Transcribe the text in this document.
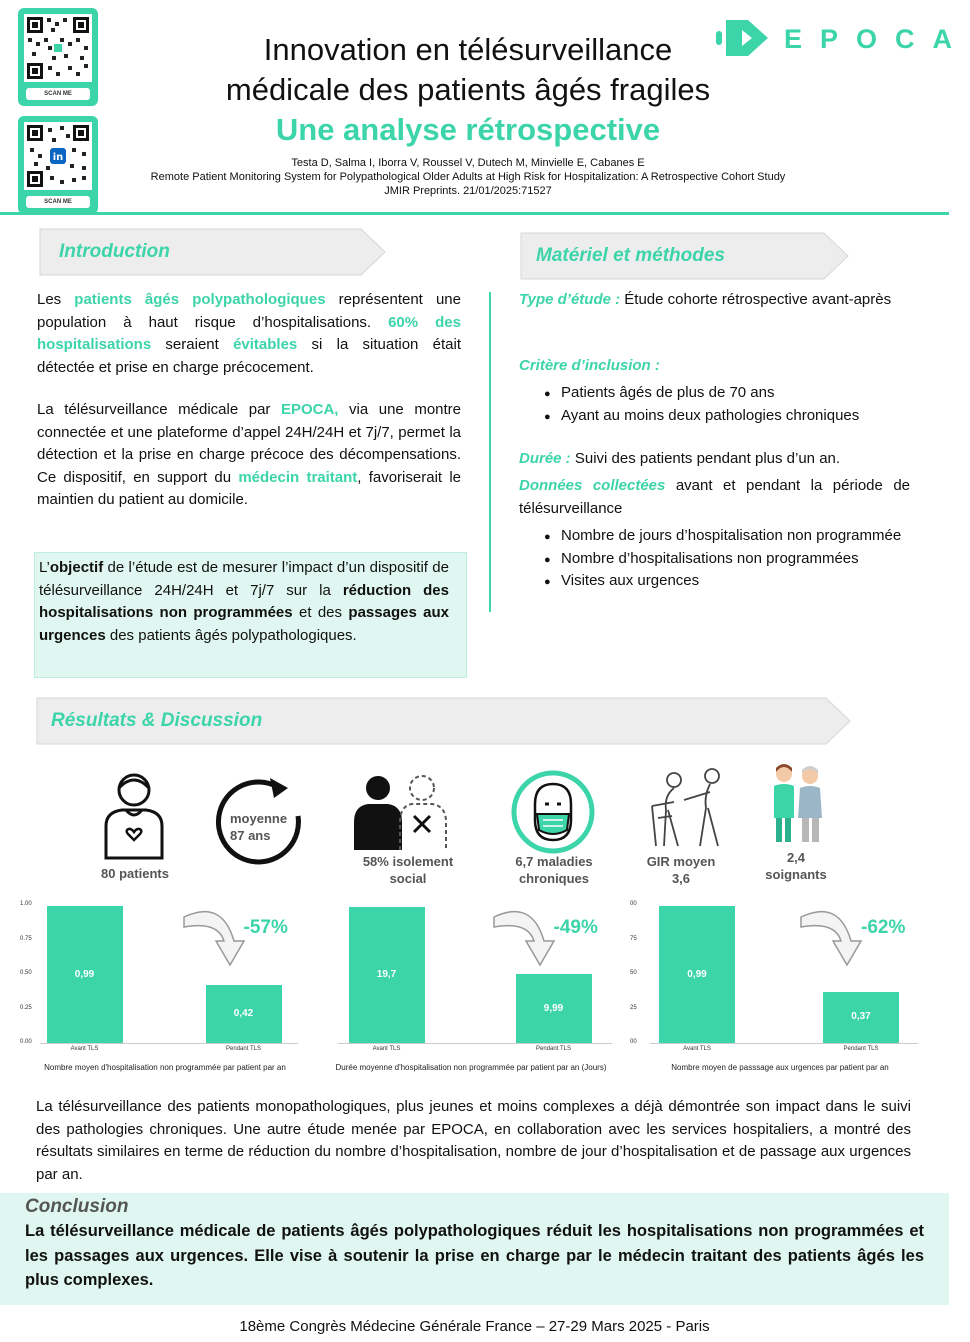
SCAN ME
in
SCAN ME
EPOCA
Innovation en télésurveillance
médicale des patients âgés fragiles
Une analyse rétrospective
Testa D, Salma I, Iborra V, Roussel V, Dutech M, Minvielle E, Cabanes E
Remote Patient Monitoring System for Polypathological Older Adults at High Risk for Hospitalization: A Retrospective Cohort Study
JMIR Preprints. 21/01/2025:71527
Introduction
Les patients âgés polypathologiques représentent une population à haut risque d’hospitalisations. 60% des hospitalisations seraient évitables si la situation était détectée et prise en charge précocement.
La télésurveillance médicale par EPOCA, via une montre connectée et une plateforme d’appel 24H/24H et 7j/7, permet la détection et la prise en charge précoce des décompensations. Ce dispositif, en support du médecin traitant, favoriserait le maintien du patient au domicile.
L’objectif de l’étude est de mesurer l’impact d’un dispositif de télésurveillance 24H/24H et 7j/7 sur la réduction des hospitalisations non programmées et des passages aux urgences des patients âgés polypathologiques.
Matériel et méthodes
Type d’étude : Étude cohorte rétrospective avant-après
Critère d’inclusion :
● Patients âgés de plus de 70 ans
● Ayant au moins deux pathologies chroniques
Durée : Suivi des patients pendant plus d’un an.
Données collectées avant et pendant la période de télésurveillance
● Nombre de jours d’hospitalisation non programmée
● Nombre d’hospitalisations non programmées
● Visites aux urgences
Résultats & Discussion
80 patients
moyenne
87 ans
58% isolement
social
6,7 maladies
chroniques
GIR moyen
3,6
2,4
soignants
1.00
0.75
0.50
0.25
0.00
0,99
Avant TLS
0,42
Pendant TLS
-57%
Nombre moyen d'hospitalisation non programmée par patient par an
19,7
Avant TLS
9,99
Pendant TLS
-49%
Durée moyenne d'hospitalisation non programmée par patient par an (Jours)
00
75
50
25
00
0,99
Avant TLS
0,37
Pendant TLS
-62%
Nombre moyen de passsage aux urgences par patient par an
La télésurveillance des patients monopathologiques, plus jeunes et moins complexes a déjà démontrée son impact dans le suivi des pathologies chroniques. Une autre étude menée par EPOCA, en collaboration avec les services hospitaliers, a montré des résultats similaires en terme de réduction du nombre d’hospitalisation, nombre de jour d’hospitalisation et de passage aux urgences par an.
Conclusion
La télésurveillance médicale de patients âgés polypathologiques réduit les hospitalisations non programmées et les passages aux urgences. Elle vise à soutenir la prise en charge par le médecin traitant des patients âgés les plus complexes.
18ème Congrès Médecine Générale France – 27-29 Mars 2025 - Paris
